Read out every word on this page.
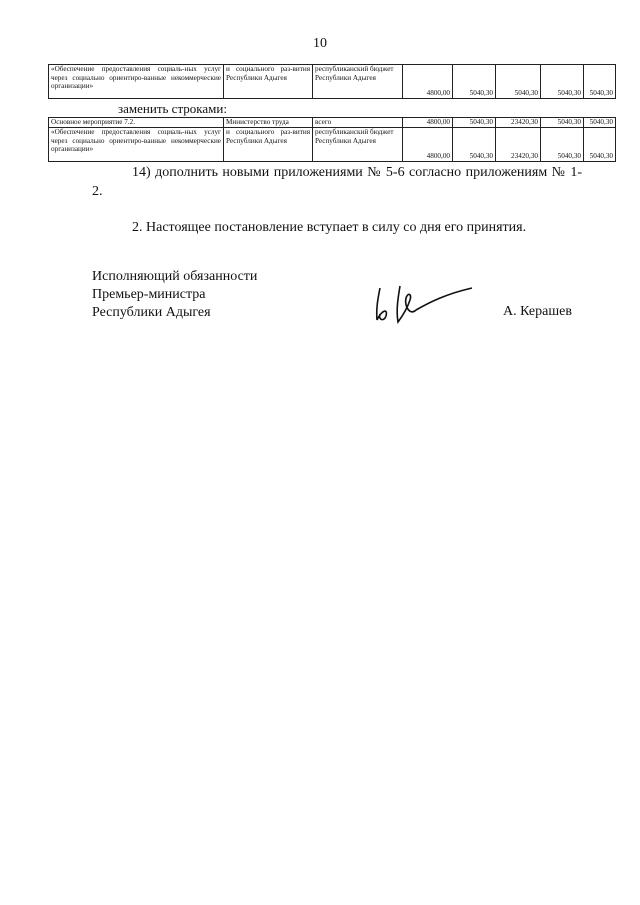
10
«Обеспечение предоставления социаль-ных услуг через социально ориентиро-ванные некоммерческие организации»	и социального раз-вития Республики Адыгея	республиканский бюджет Республики Адыгея	4800,00	5040,30	5040,30	5040,30	5040,30
заменить строками:
Основное мероприятие 7.2.	Министерство труда	всего	4800,00	5040,30	23420,30	5040,30	5040,30
«Обеспечение предоставления социаль-ных услуг через социально ориентиро-ванные некоммерческие организации»	и социального раз-вития Республики Адыгея	республиканский бюджет Республики Адыгея	4800,00	5040,30	23420,30	5040,30	5040,30
14) дополнить новыми приложениями № 5-6 согласно приложениям № 1-2.
2. Настоящее постановление вступает в силу со дня его принятия.
Исполняющий обязанности
Премьер-министра
Республики Адыгея	А. Керашев
